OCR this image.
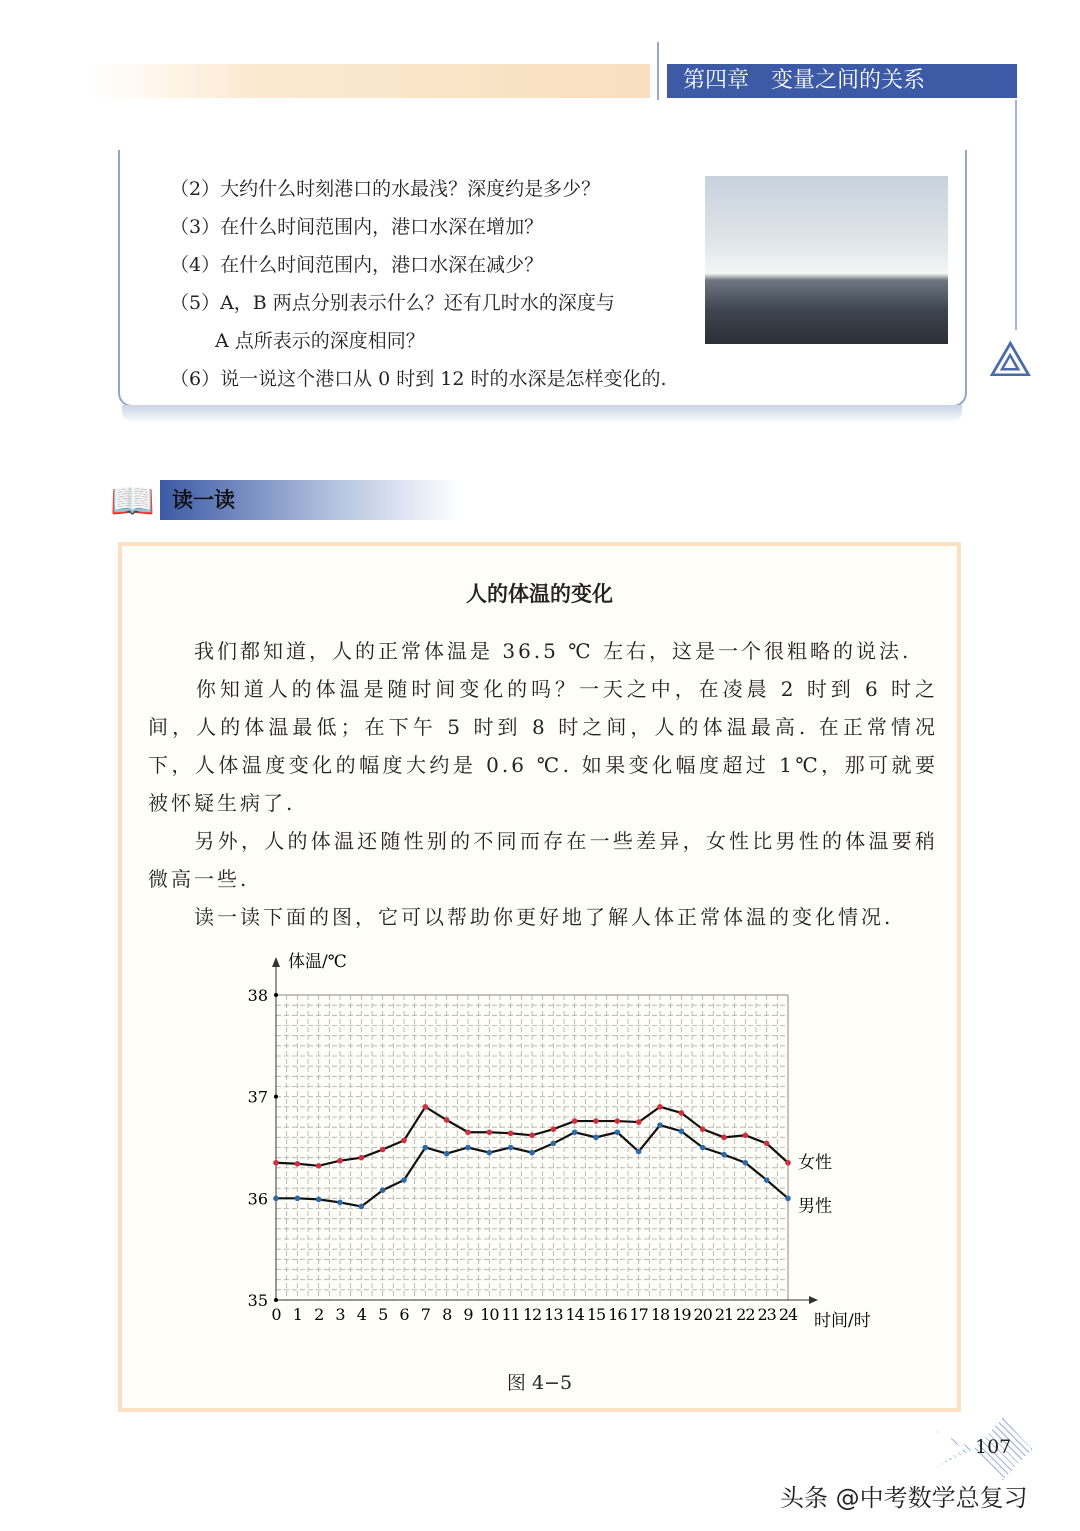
第四章　变量之间的关系
（2）大约什么时刻港口的水最浅？深度约是多少？
（3）在什么时间范围内，港口水深在增加？
（4）在什么时间范围内，港口水深在减少？
（5）A，B 两点分别表示什么？还有几时水的深度与
A 点所表示的深度相同？
（6）说一说这个港口从 0 时到 12 时的水深是怎样变化的.	⟁
📖 读一读
人的体温的变化
　　我们都知道，人的正常体温是 36.5 ℃ 左右，这是一个很粗略的说法.
　　你知道人的体温是随时间变化的吗？一天之中，在凌晨 2 时到 6 时之间，人的体温最低；在下午 5 时到 8 时之间，人的体温最高. 在正常情况下，人体温度变化的幅度大约是 0.6 ℃. 如果变化幅度超过 1℃，那可就要被怀疑生病了.
　　另外，人的体温还随性别的不同而存在一些差异，女性比男性的体温要稍微高一些.
　　读一读下面的图，它可以帮助你更好地了解人体正常体温的变化情况.
体温/℃
时间/时
35
36
37
38
0 1 2 3 4 5 6 7 8 9 10 11 12 13 14 15 16 17 18 19 20 21 22 23 24
女性
男性
图 4−5
107
头条 @中考数学总复习
